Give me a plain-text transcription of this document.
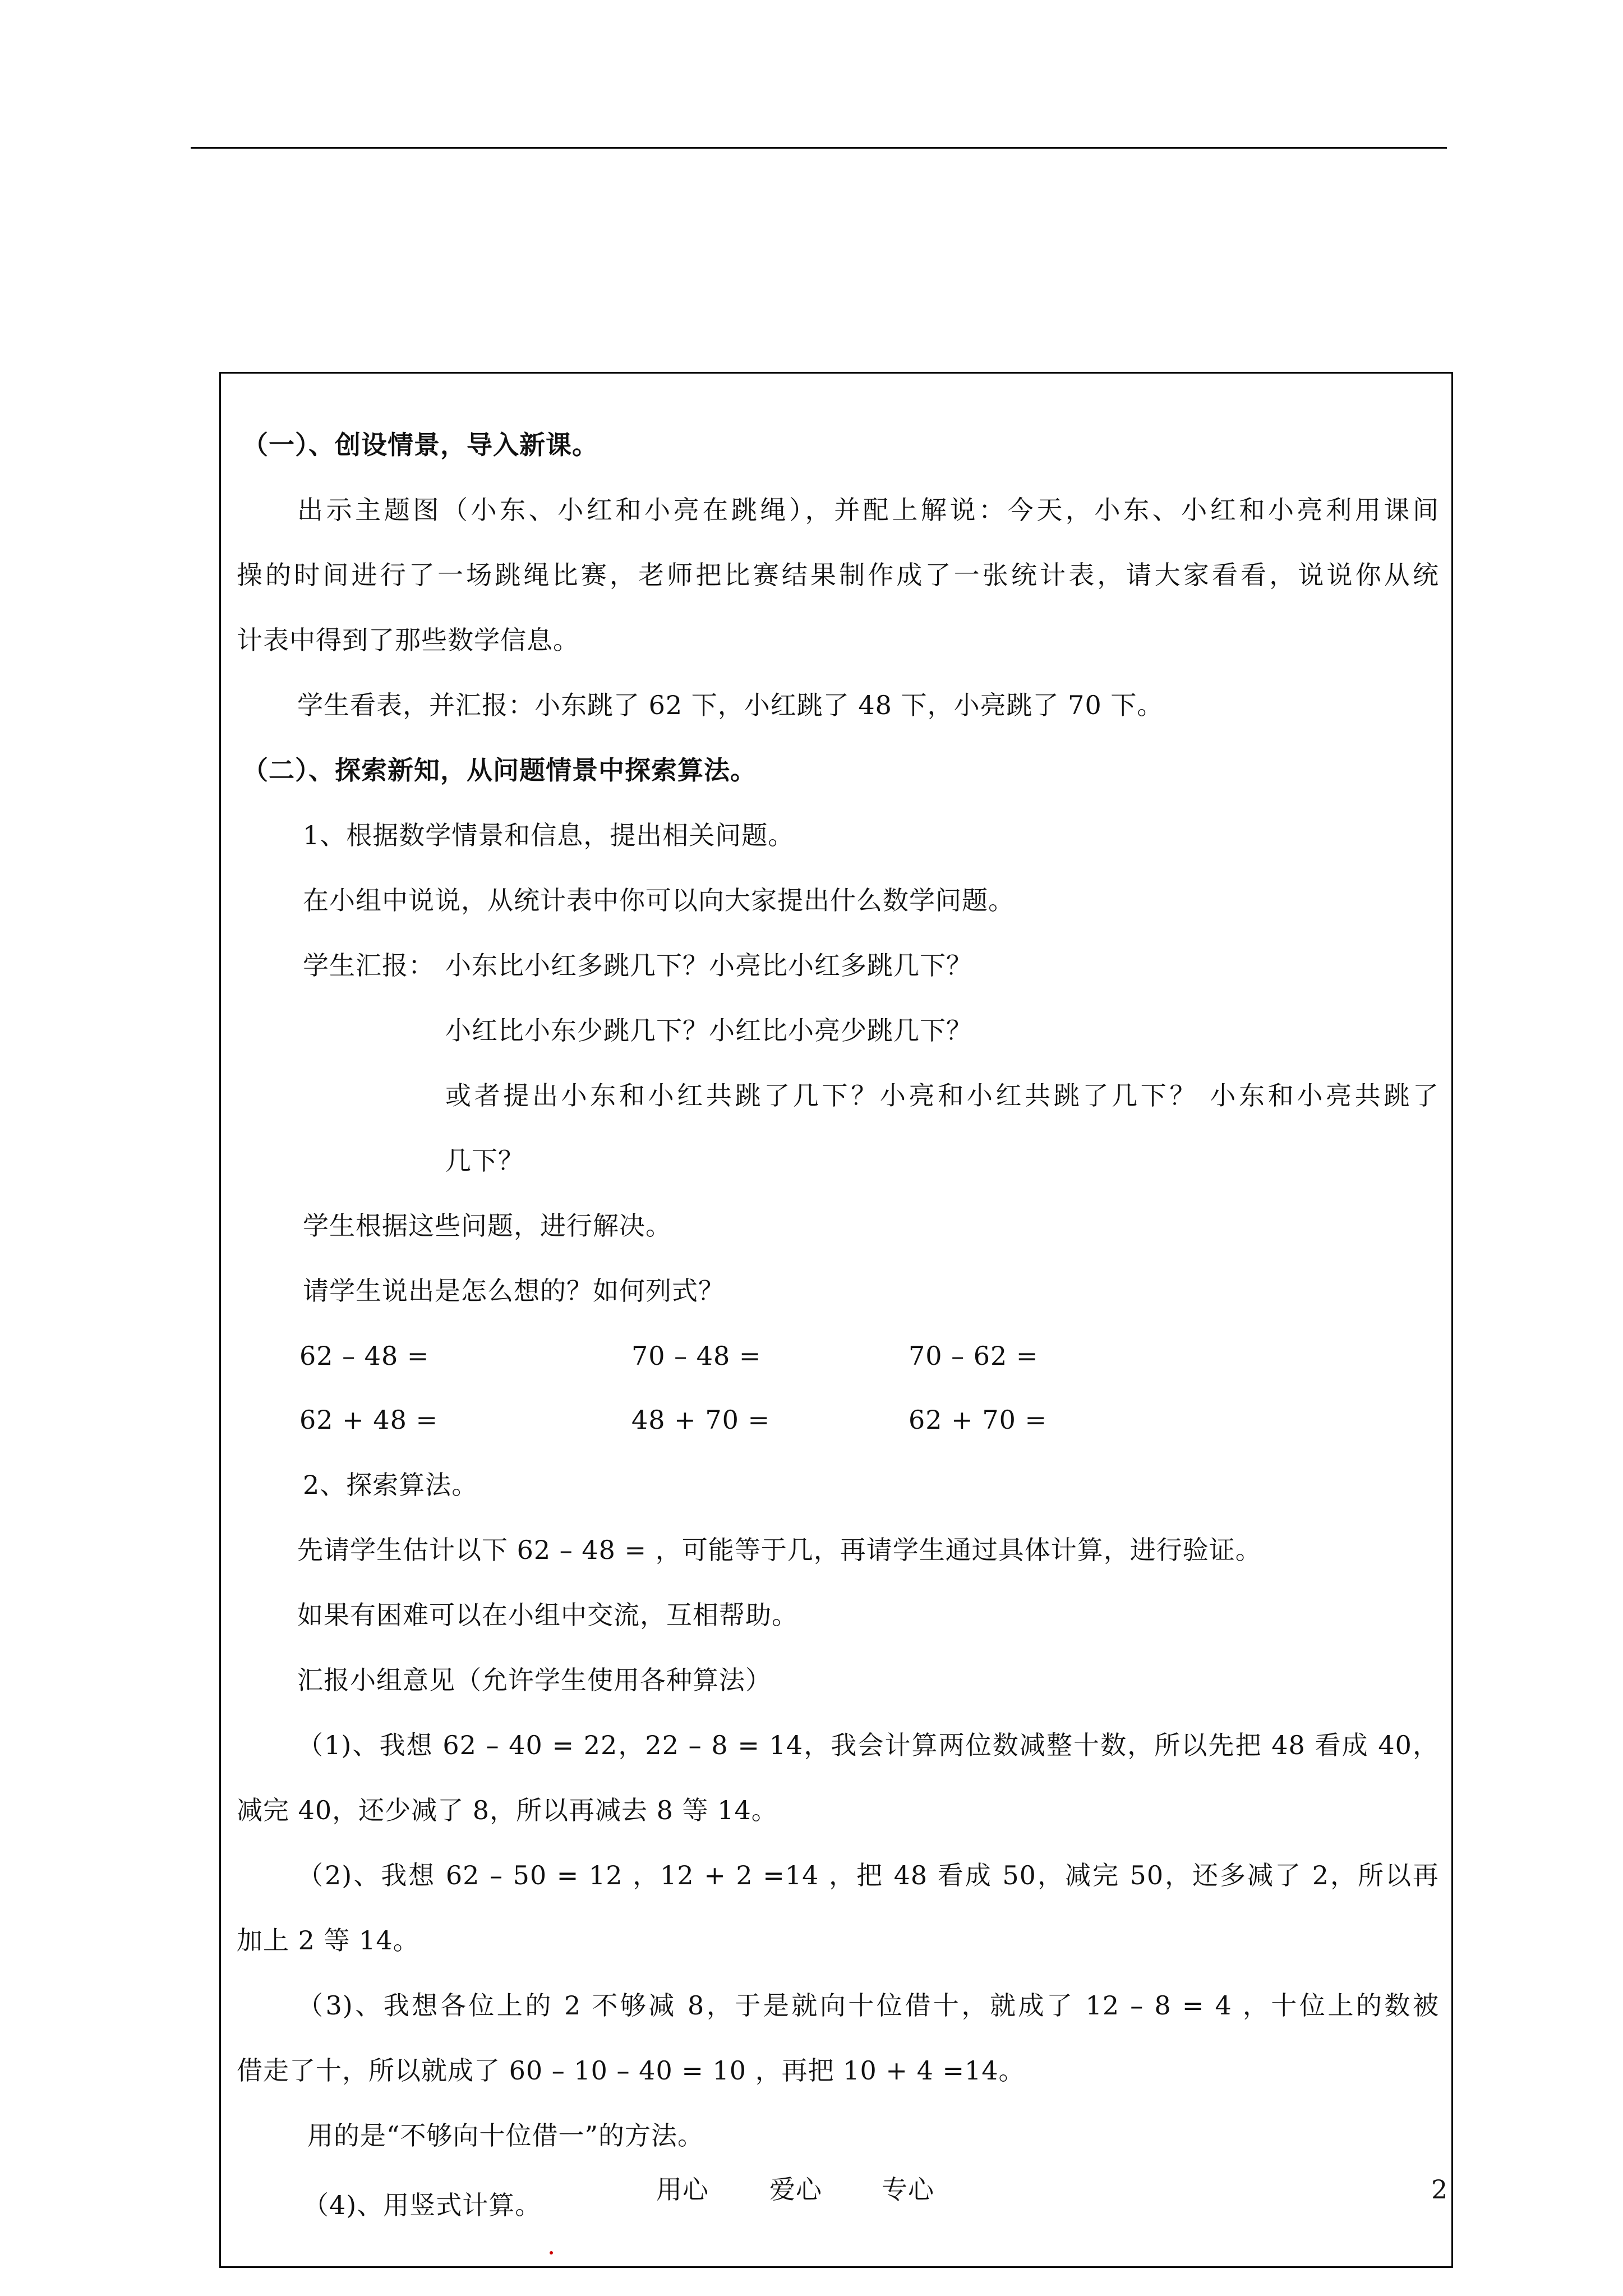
（一）、创设情景，导入新课。
出示主题图（小东、小红和小亮在跳绳），并配上解说：今天，小东、小红和小亮利用课间
操的时间进行了一场跳绳比赛，老师把比赛结果制作成了一张统计表，请大家看看，说说你从统
计表中得到了那些数学信息。
学生看表，并汇报：小东跳了 62 下，小红跳了 48 下，小亮跳了 70 下。
（二）、探索新知，从问题情景中探索算法。
1、根据数学情景和信息，提出相关问题。
在小组中说说，从统计表中你可以向大家提出什么数学问题。
学生汇报： 小东比小红多跳几下？小亮比小红多跳几下？
小红比小东少跳几下？小红比小亮少跳几下？
或者提出小东和小红共跳了几下？小亮和小红共跳了几下？ 小东和小亮共跳了
几下？
学生根据这些问题，进行解决。
请学生说出是怎么想的？如何列式？
62 – 48 =	70 – 48 =	70 – 62 =
62 + 48 =	48 + 70 =	62 + 70 =
2、探索算法。
先请学生估计以下 62 – 48 = ，可能等于几，再请学生通过具体计算，进行验证。
如果有困难可以在小组中交流，互相帮助。
汇报小组意见（允许学生使用各种算法）
（1)、我想 62 – 40 = 22，22 – 8 = 14，我会计算两位数减整十数，所以先把 48 看成 40，
减完 40，还少减了 8，所以再减去 8 等 14。
（2)、我想 62 – 50 = 12 ，12 + 2 =14 ，把 48 看成 50，减完 50，还多减了 2，所以再
加上 2 等 14。
（3)、我想各位上的 2 不够减 8，于是就向十位借十，就成了 12 – 8 = 4 ，十位上的数被
借走了十，所以就成了 60 – 10 – 40 = 10 ，再把 10 + 4 =14。
用的是“不够向十位借一”的方法。
用心 爱心 专心	2
（4)、用竖式计算。
